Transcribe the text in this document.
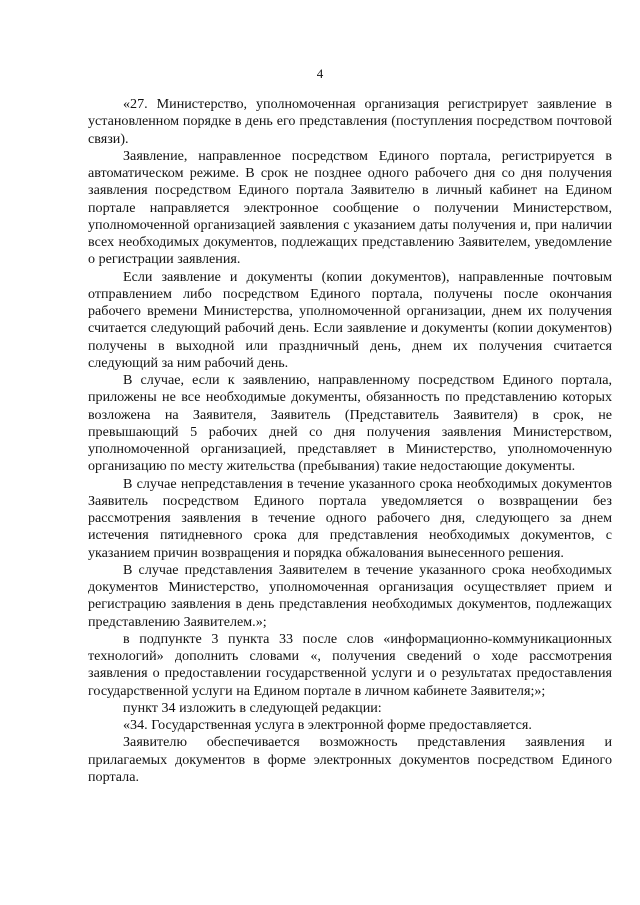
4

«27. Министерство, уполномоченная организация регистрирует заявление в установленном порядке в день его представления (поступления посредством почтовой связи).

Заявление, направленное посредством Единого портала, регистрируется в автоматическом режиме. В срок не позднее одного рабочего дня со дня получения заявления посредством Единого портала Заявителю в личный кабинет на Едином портале направляется электронное сообщение о получении Министерством, уполномоченной организацией заявления с указанием даты получения и, при наличии всех необходимых документов, подлежащих представлению Заявителем, уведомление о регистрации заявления.

Если заявление и документы (копии документов), направленные почтовым отправлением либо посредством Единого портала, получены после окончания рабочего времени Министерства, уполномоченной организации, днем их получения считается следующий рабочий день. Если заявление и документы (копии документов) получены в выходной или праздничный день, днем их получения считается следующий за ним рабочий день.

В случае, если к заявлению, направленному посредством Единого портала, приложены не все необходимые документы, обязанность по представлению которых возложена на Заявителя, Заявитель (Представитель Заявителя) в срок, не превышающий 5 рабочих дней со дня получения заявления Министерством, уполномоченной организацией, представляет в Министерство, уполномоченную организацию по месту жительства (пребывания) такие недостающие документы.

В случае непредставления в течение указанного срока необходимых документов Заявитель посредством Единого портала уведомляется о возвращении без рассмотрения заявления в течение одного рабочего дня, следующего за днем истечения пятидневного срока для представления необходимых документов, с указанием причин возвращения и порядка обжалования вынесенного решения.

В случае представления Заявителем в течение указанного срока необходимых документов Министерство, уполномоченная организация осуществляет прием и регистрацию заявления в день представления необходимых документов, подлежащих представлению Заявителем.»;

в подпункте 3 пункта 33 после слов «информационно-коммуникационных технологий» дополнить словами «, получения сведений о ходе рассмотрения заявления о предоставлении государственной услуги и о результатах предоставления государственной услуги на Едином портале в личном кабинете Заявителя;»;

пункт 34 изложить в следующей редакции:

«34. Государственная услуга в электронной форме предоставляется.

Заявителю обеспечивается возможность представления заявления и прилагаемых документов в форме электронных документов посредством Единого портала.
